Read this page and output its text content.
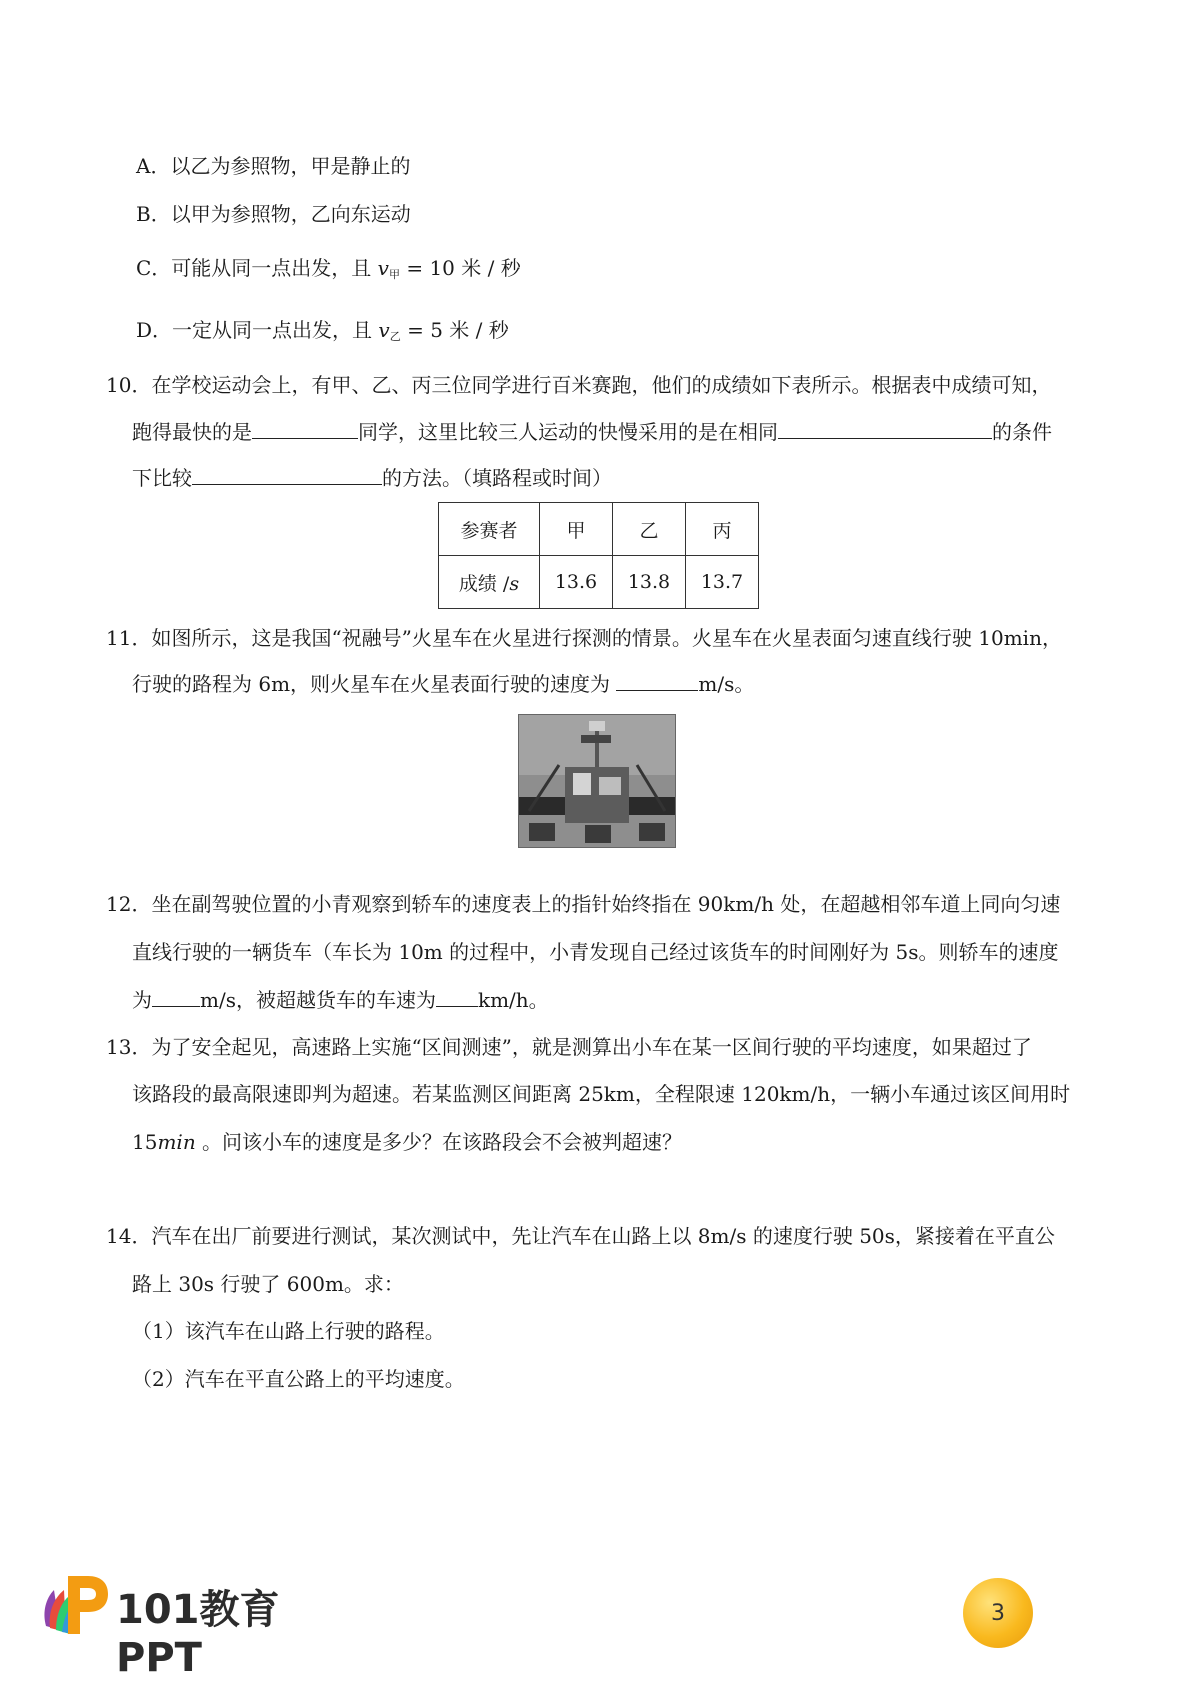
A．以乙为参照物，甲是静止的
B．以甲为参照物，乙向东运动
C．可能从同一点出发，且 $v_甲 = 10$ 米 / 秒
D．一定从同一点出发，且 $v_乙 = 5$ 米 / 秒
10．在学校运动会上，有甲、乙、丙三位同学进行百米赛跑，他们的成绩如下表所示。根据表中成绩可知，
跑得最快的是	同学，这里比较三人运动的快慢采用的是在相同	的条件
下比较	的方法。（填路程或时间）
参赛者	甲	乙	丙
成绩 /s	13.6	13.8	13.7
11．如图所示，这是我国“祝融号”火星车在火星进行探测的情景。火星车在火星表面匀速直线行驶 10min，
行驶的路程为 6m，则火星车在火星表面行驶的速度为	m/s。
12．坐在副驾驶位置的小青观察到轿车的速度表上的指针始终指在 90km/h 处，在超越相邻车道上同向匀速
直线行驶的一辆货车（车长为 10m 的过程中，小青发现自己经过该货车的时间刚好为 5s。则轿车的速度
为 m/s，被超越货车的车速为 km/h。
13．为了安全起见，高速路上实施“区间测速”，就是测算出小车在某一区间行驶的平均速度，如果超过了
该路段的最高限速即判为超速。若某监测区间距离 25km，全程限速 120km/h，一辆小车通过该区间用时
15min 。问该小车的速度是多少？在该路段会不会被判超速？
14．汽车在出厂前要进行测试，某次测试中，先让汽车在山路上以 8m/s 的速度行驶 50s，紧接着在平直公
路上 30s 行驶了 600m。求：
（1）该汽车在山路上行驶的路程。
（2）汽车在平直公路上的平均速度。
101教育PPT
3
